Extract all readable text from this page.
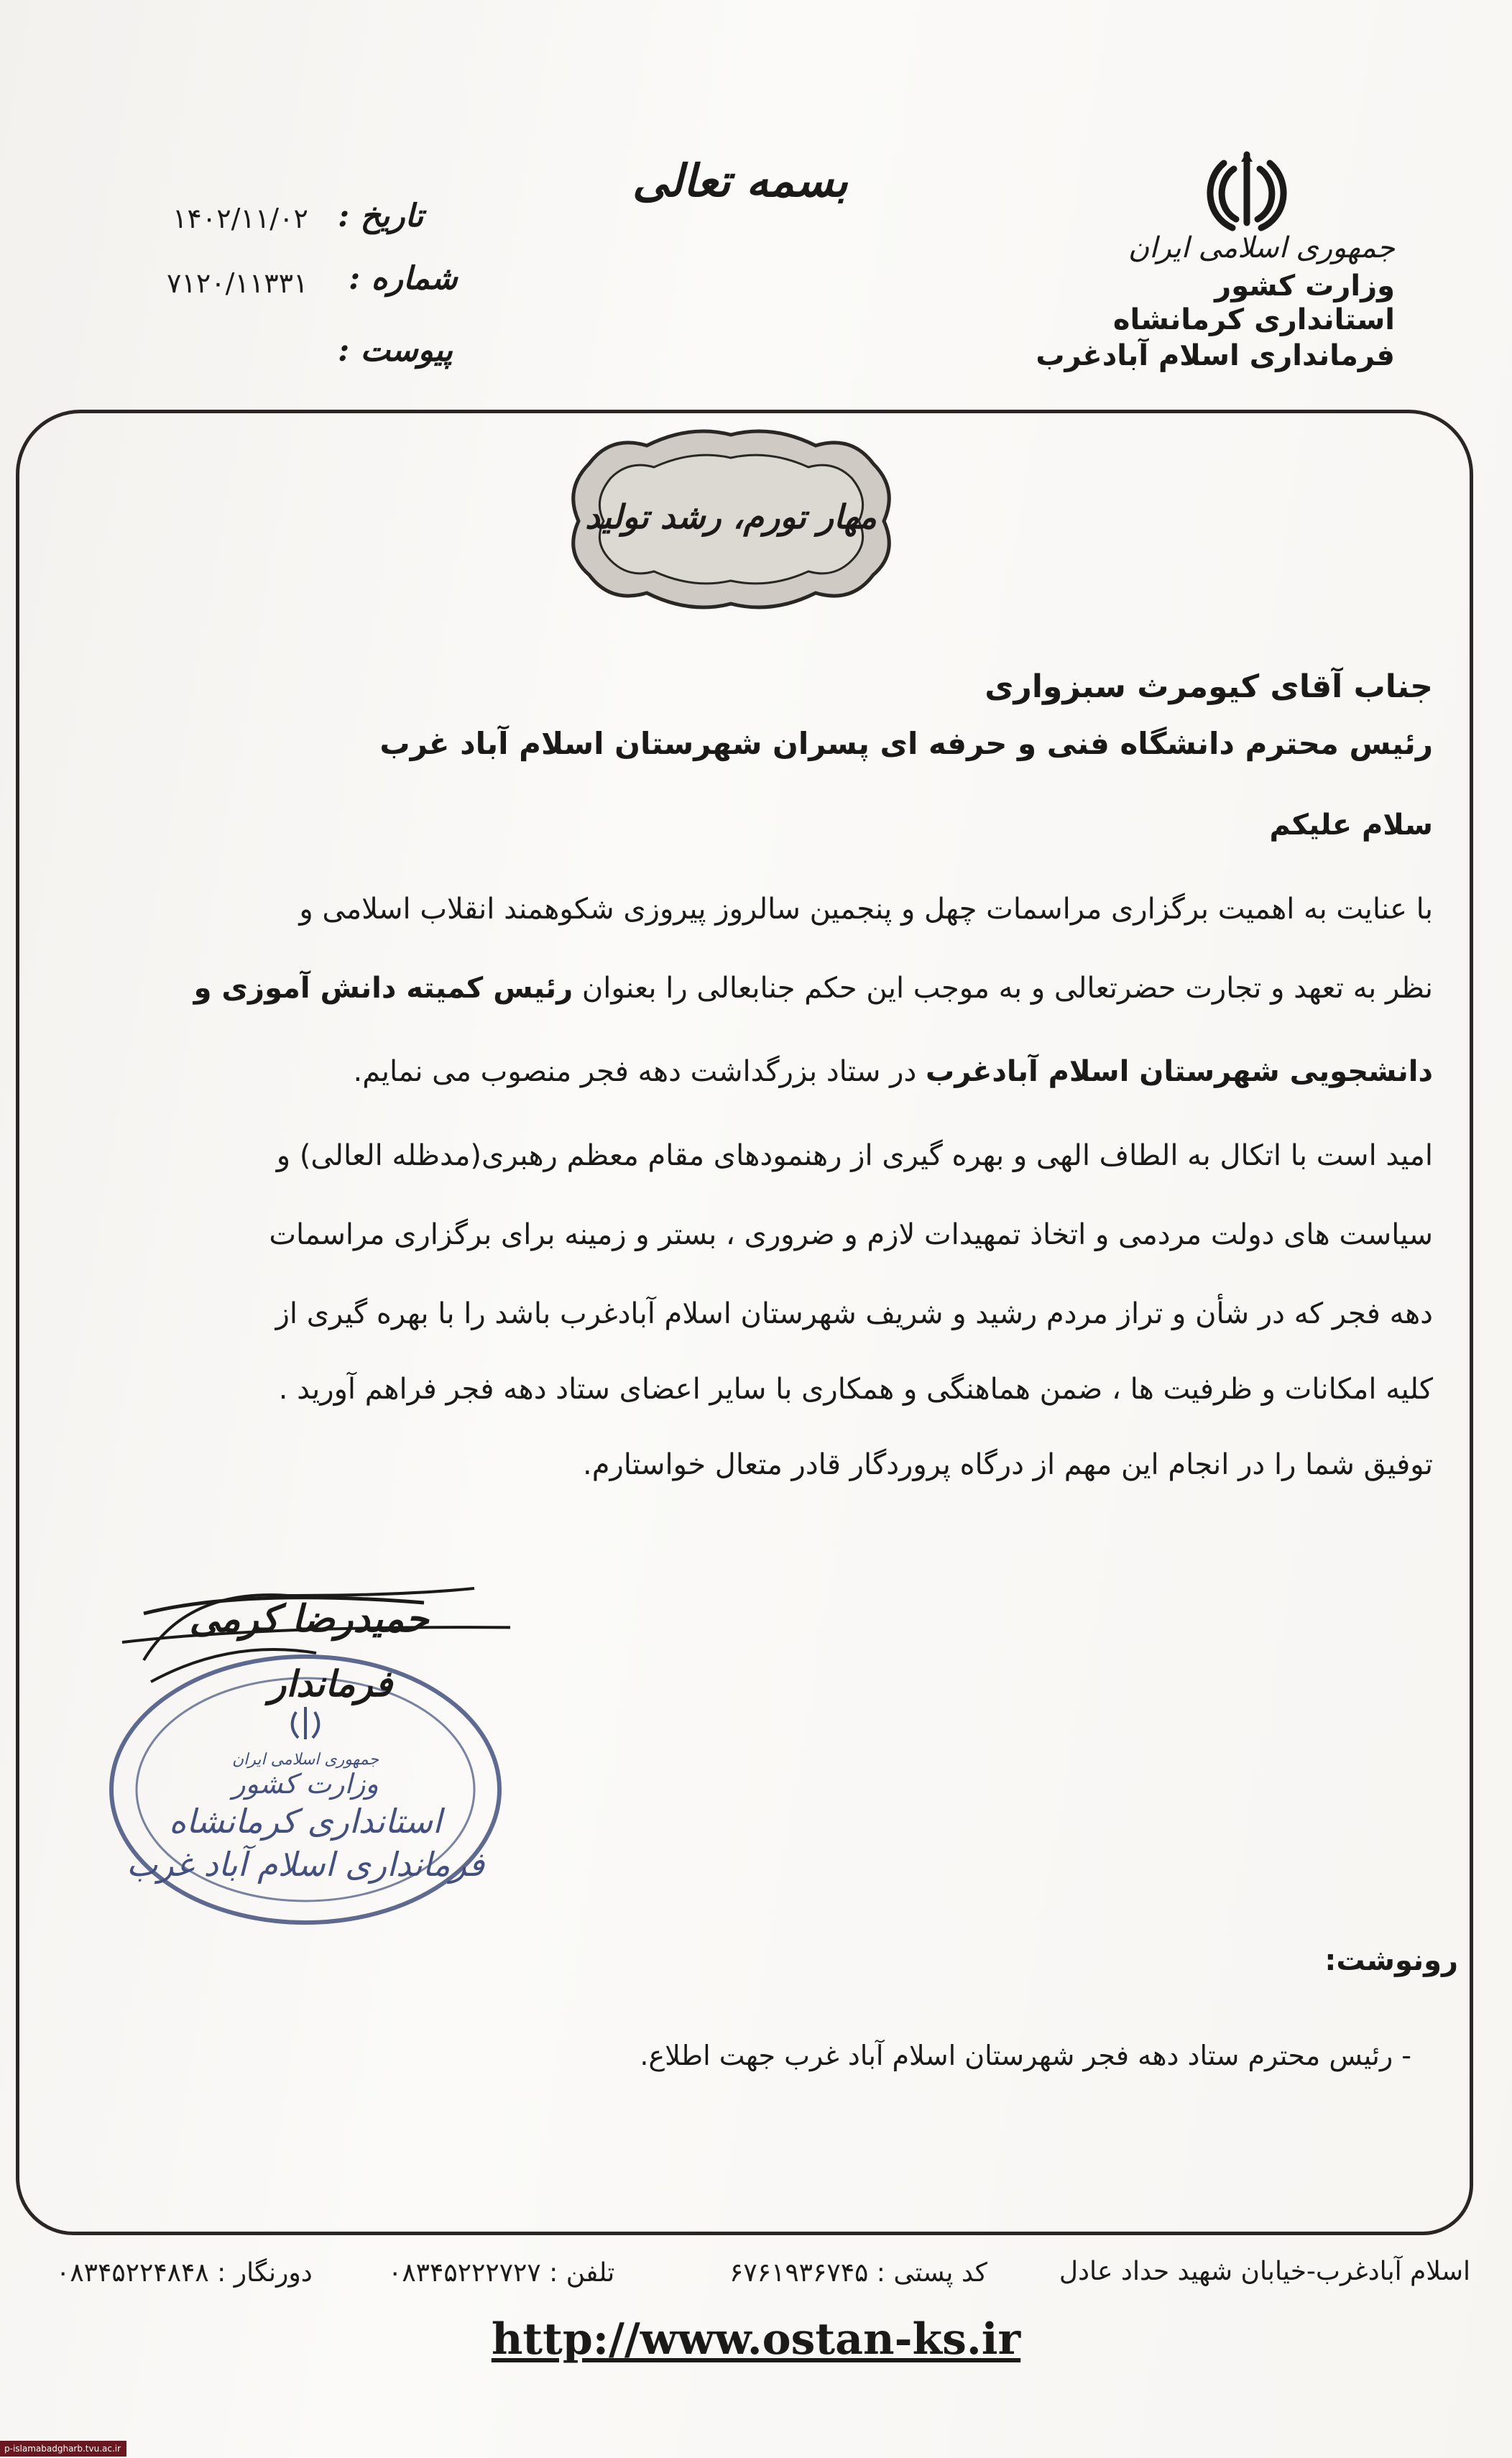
بسمه تعالی
جمهوری اسلامی ایران
وزارت کشور
استانداری کرمانشاه
فرمانداری اسلام آبادغرب
تاریخ :
۱۴۰۲/۱۱/۰۲
شماره :
۷۱۲۰/۱۱۳۳۱
پیوست :
مهار تورم، رشد تولید
جناب آقای کیومرث سبزواری
رئیس محترم دانشگاه فنی و حرفه ای پسران شهرستان اسلام آباد غرب
سلام علیکم
با عنایت به اهمیت برگزاری مراسمات چهل و پنجمین سالروز پیروزی شکوهمند انقلاب اسلامی و
نظر به تعهد و تجارت حضرتعالی و به موجب این حکم جنابعالی را بعنوان رئیس کمیته دانش آموزی و
دانشجویی شهرستان اسلام آبادغرب در ستاد بزرگداشت دهه فجر منصوب می نمایم.
امید است با اتکال به الطاف الهی و بهره گیری از رهنمودهای مقام معظم رهبری(مدظله العالی) و
سیاست های دولت مردمی و اتخاذ تمهیدات لازم و ضروری ، بستر و زمینه برای برگزاری مراسمات
دهه فجر که در شأن و تراز مردم رشید و شریف شهرستان اسلام آبادغرب باشد را با بهره گیری از
کلیه امکانات و ظرفیت ها ، ضمن هماهنگی و همکاری با سایر اعضای ستاد دهه فجر فراهم آورید .
توفیق شما را در انجام این مهم از درگاه پروردگار قادر متعال خواستارم.
حمیدرضا کرمی
فرماندار
جمهوری اسلامی ایران
وزارت کشور
استانداری کرمانشاه
فرمانداری اسلام آباد غرب
رونوشت:
- رئیس محترم ستاد دهه فجر شهرستان اسلام آباد غرب جهت اطلاع.
اسلام آبادغرب-خیابان شهید حداد عادل
کد پستی : ۶۷۶۱۹۳۶۷۴۵
تلفن : ۰۸۳۴۵۲۲۲۷۲۷
دورنگار : ۰۸۳۴۵۲۲۴۸۴۸
http://www.ostan-ks.ir
p-islamabadgharb.tvu.ac.ir
